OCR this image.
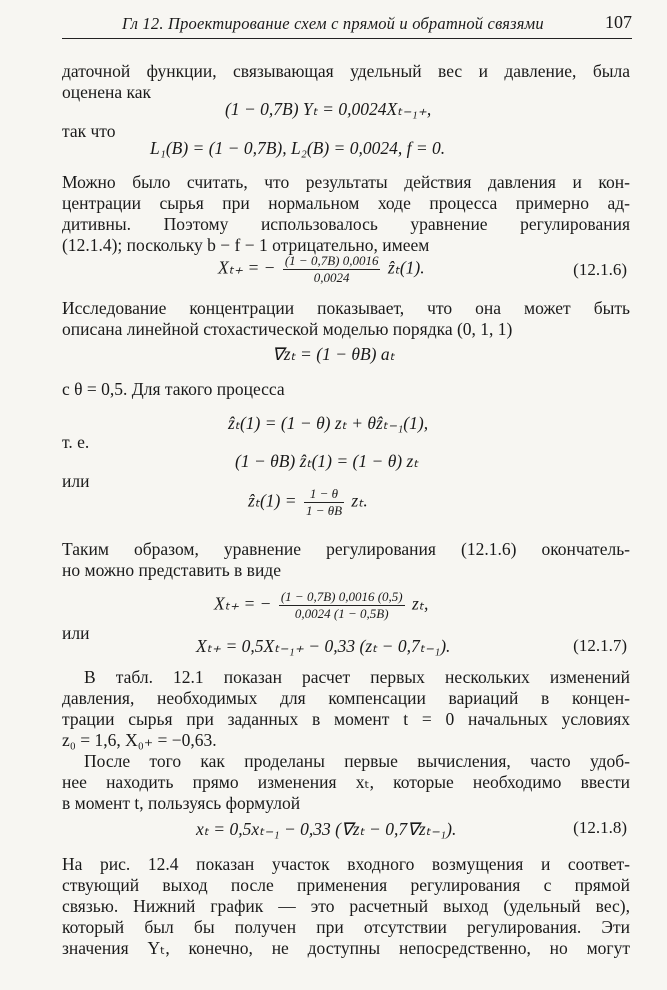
Гл 12. Проектирование схем с прямой и обратной связями	107
даточной функции, связывающая удельный вес и давление, была
оценена как
(1 − 0,7B) Yₜ = 0,0024Xₜ₋₁₊,
так что
L₁(B) = (1 − 0,7B), L₂(B) = 0,0024, f = 0.
Можно было считать, что результаты действия давления и кон-
центрации сырья при нормальном ходе процесса примерно ад-
дитивны. Поэтому использовалось уравнение регулирования
(12.1.4); поскольку b − f − 1 отрицательно, имеем
Xₜ₊ = − $\frac{(1 - 0,7B) 0,0016}{0,0024}$ ẑₜ(1).	(12.1.6)
Исследование концентрации показывает, что она может быть
описана линейной стохастической моделью порядка (0, 1, 1)
∇zₜ = (1 − θB) aₜ
с θ = 0,5. Для такого процесса
ẑₜ(1) = (1 − θ) zₜ + θẑₜ₋₁(1),
т. е.
(1 − θB) ẑₜ(1) = (1 − θ) zₜ
или
ẑₜ(1) = $\frac{1 - \theta}{1 - \theta B} z_t$.
Таким образом, уравнение регулирования (12.1.6) окончатель-
но можно представить в виде
Xₜ₊ = − $\frac{(1 - 0,7B) 0,0016 (0,5)}{0,0024 (1 - 0,5B)} z_t$,
или
Xₜ₊ = 0,5Xₜ₋₁₊ − 0,33 (zₜ − 0,7ₜ₋₁).	(12.1.7)
В табл. 12.1 показан расчет первых нескольких изменений
давления, необходимых для компенсации вариаций в концен-
трации сырья при заданных в момент t = 0 начальных условиях
z₀ = 1,6, X₀₊ = −0,63.
После того как проделаны первые вычисления, часто удоб-
нее находить прямо изменения xₜ, которые необходимо ввести
в момент t, пользуясь формулой
xₜ = 0,5xₜ₋₁ − 0,33 (∇zₜ − 0,7∇zₜ₋₁).	(12.1.8)
На рис. 12.4 показан участок входного возмущения и соответ-
ствующий выход после применения регулирования с прямой
связью. Нижний график — это расчетный выход (удельный вес),
который был бы получен при отсутствии регулирования. Эти
значения Yₜ, конечно, не доступны непосредственно, но могут
